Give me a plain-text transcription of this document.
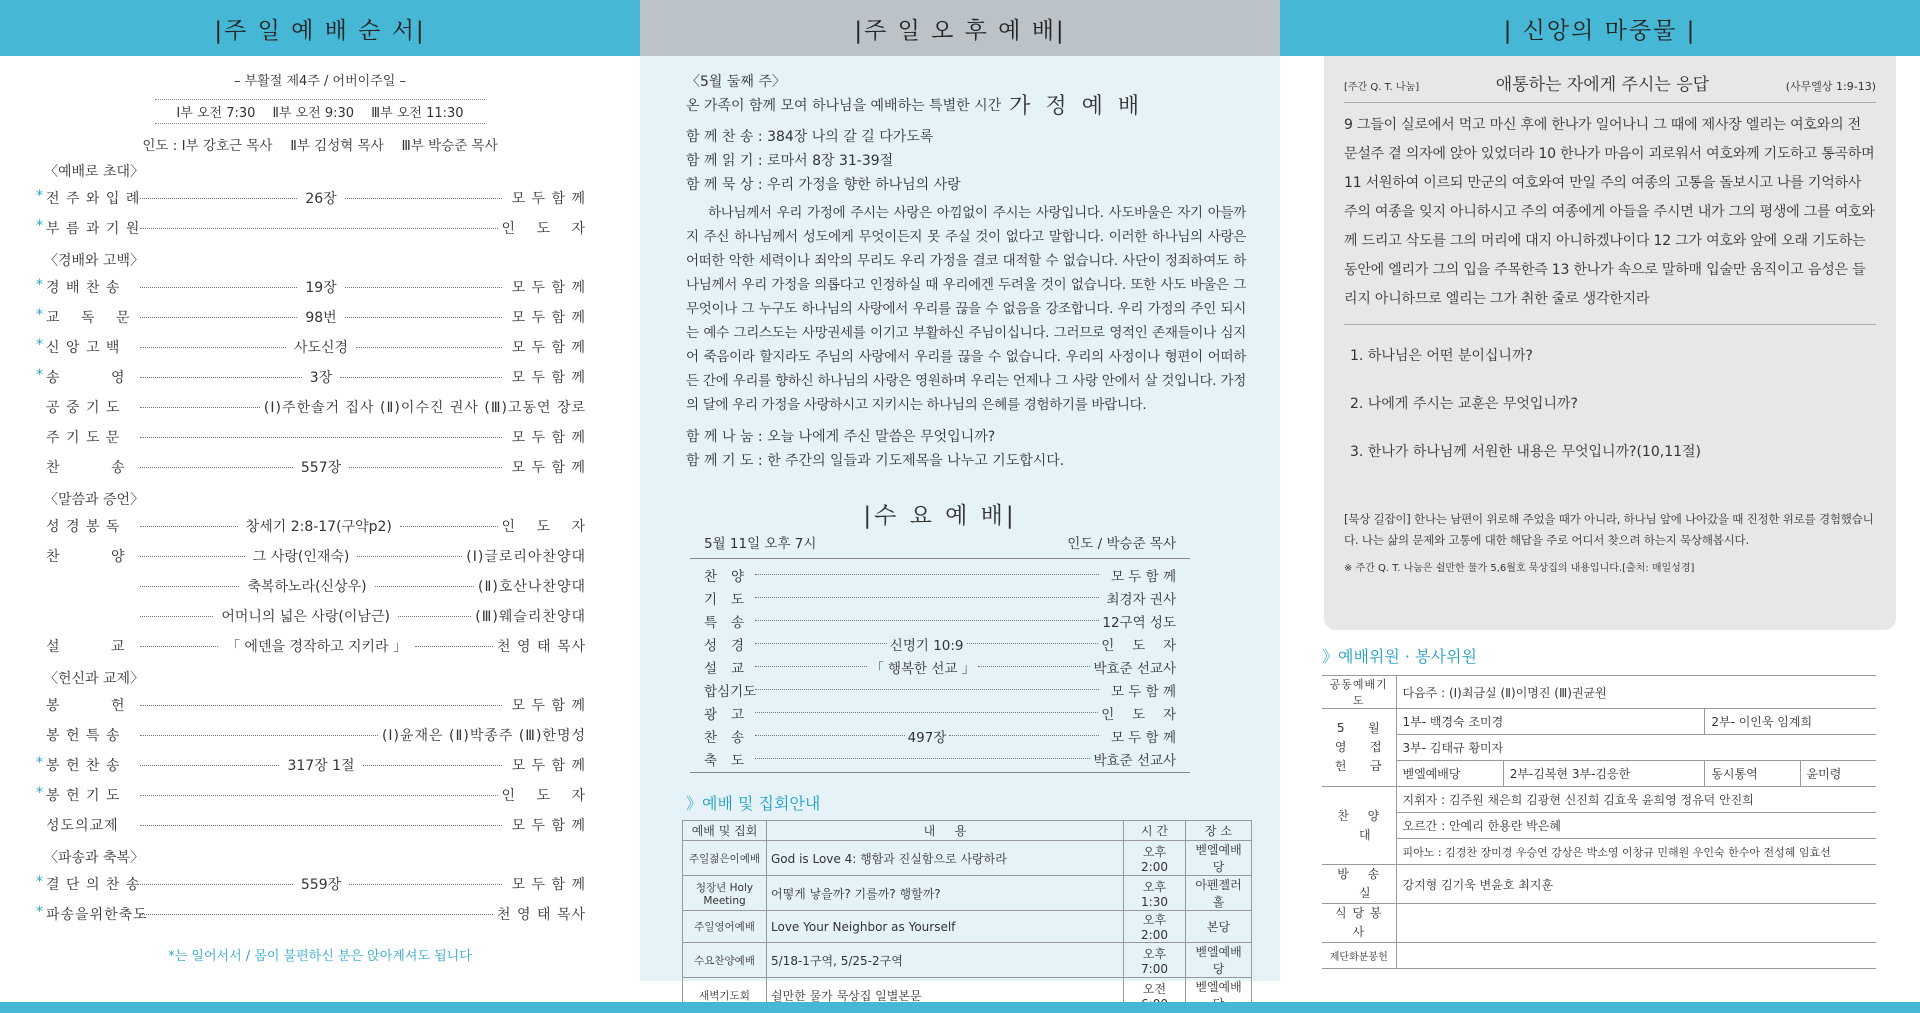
|주 일 예 배 순 서|
– 부활절 제4주 / 어버이주일 –
Ⅰ부 오전 7:30 　Ⅱ부 오전 9:30 　Ⅲ부 오전 11:30
인도 : Ⅰ부 강호근 목사 　Ⅱ부 김성혁 목사 　Ⅲ부 박승준 목사
〈예배로 초대〉
* 전 주 와 입 례	26장	모 두 함 께
* 부 름 과 기 원	인 　도 　자
〈경배와 고백〉
* 경 배 찬 송	19장	모 두 함 께
* 교 　독 　문	98번	모 두 함 께
* 신 앙 고 백	사도신경	모 두 함 께
* 송 　　　영	3장	모 두 함 께
공 중 기 도	(Ⅰ)주한솔거 집사 (Ⅱ)이수진 권사 (Ⅲ)고동연 장로
주 기 도 문	모 두 함 께
찬 　　　송	557장	모 두 함 께
〈말씀과 증언〉
성 경 봉 독	창세기 2:8-17(구약p2)	인 　도 　자
찬 　　　양	그 사랑(인재숙)	(Ⅰ)글로리아찬양대
축복하노라(신상우)	(Ⅱ)호산나찬양대
어머니의 넓은 사랑(이남근)	(Ⅲ)웨슬리찬양대
설 　　　교	「 에덴을 경작하고 지키라 」	천 영 태 목사
〈헌신과 교제〉
봉 　　　헌	모 두 함 께
봉 헌 특 송	(Ⅰ)윤재은 (Ⅱ)박종주 (Ⅲ)한명성
* 봉 헌 찬 송	317장 1절	모 두 함 께
* 봉 헌 기 도	인 　도 　자
성도의교제	모 두 함 께
〈파송과 축복〉
* 결 단 의 찬 송	559장	모 두 함 께
* 파송을위한축도	천 영 태 목사
*는 일어서서 / 몸이 불편하신 분은 앉아계셔도 됩니다
|주 일 오 후 예 배|
〈5월 둘째 주〉
온 가족이 함께 모여 하나님을 예배하는 특별한 시간 가 정 예 배
함 께 찬 송 : 384장 나의 갈 길 다가도록
함 께 읽 기 : 로마서 8장 31-39절
함 께 묵 상 : 우리 가정을 향한 하나님의 사랑
하나님께서 우리 가정에 주시는 사랑은 아낌없이 주시는 사랑입니다. 사도바울은 자기 아들까지 주신 하나님께서 성도에게 무엇이든지 못 주실 것이 없다고 말합니다. 이러한 하나님의 사랑은 어떠한 악한 세력이나 죄악의 무리도 우리 가정을 결코 대적할 수 없습니다. 사단이 정죄하여도 하나님께서 우리 가정을 의롭다고 인정하실 때 우리에겐 두려울 것이 없습니다. 또한 사도 바울은 그 무엇이나 그 누구도 하나님의 사랑에서 우리를 끊을 수 없음을 강조합니다. 우리 가정의 주인 되시는 예수 그리스도는 사망권세를 이기고 부활하신 주님이십니다. 그러므로 영적인 존재들이나 심지어 죽음이라 할지라도 주님의 사랑에서 우리를 끊을 수 없습니다. 우리의 사정이나 형편이 어떠하든 간에 우리를 향하신 하나님의 사랑은 영원하며 우리는 언제나 그 사랑 안에서 살 것입니다. 가정의 달에 우리 가정을 사랑하시고 지키시는 하나님의 은혜를 경험하기를 바랍니다.
함 께 나 눔 : 오늘 나에게 주신 말씀은 무엇입니까?
함 께 기 도 : 한 주간의 일들과 기도제목을 나누고 기도합시다.
|수 요 예 배|
5월 11일 오후 7시	인도 / 박승준 목사
찬 양	모 두 함 께
기 도	최경자 권사
특 송	12구역 성도
성 경	신명기 10:9	인 　도 　자
설 교	「 행복한 선교 」	박효준 선교사
합심기도	모 두 함 께
광 고	인 　도 　자
찬 송	497장	모 두 함 께
축 도	박효준 선교사
》예배 및 집회안내
예배 및 집회	내 　 용	시 간	장 소
주일젊은이예배	God is Love 4: 행함과 진실함으로 사랑하라	오후 2:00	벧엘예배당
청장년 Holy Meeting	어떻게 낳을까? 기를까? 행할까?	오후 1:30	아펜젤러홀
주일영어예배	Love Your Neighbor as Yourself	오후 2:00	본당
수요찬양예배	5/18-1구역, 5/25-2구역	오후 7:00	벧엘예배당
새벽기도회	쉴만한 물가 묵상집 일별본문	오전	벧엘예배
| 신앙의 마중물 |
[주간 Q. T. 나눔]	애통하는 자에게 주시는 응답	(사무엘상 1:9-13)
9 그들이 실로에서 먹고 마신 후에 한나가 일어나니 그 때에 제사장 엘리는 여호와의 전 문설주 곁 의자에 앉아 있었더라 10 한나가 마음이 괴로워서 여호와께 기도하고 통곡하며 11 서원하여 이르되 만군의 여호와여 만일 주의 여종의 고통을 돌보시고 나를 기억하사 주의 여종을 잊지 아니하시고 주의 여종에게 아들을 주시면 내가 그의 평생에 그를 여호와께 드리고 삭도를 그의 머리에 대지 아니하겠나이다 12 그가 여호와 앞에 오래 기도하는 동안에 엘리가 그의 입을 주목한즉 13 한나가 속으로 말하매 입술만 움직이고 음성은 들리지 아니하므로 엘리는 그가 취한 줄로 생각한지라
1. 하나님은 어떤 분이십니까?
2. 나에게 주시는 교훈은 무엇입니까?
3. 한나가 하나님께 서원한 내용은 무엇입니까?(10,11절)
[묵상 길잡이] 한나는 남편이 위로해 주었을 때가 아니라, 하나님 앞에 나아갔을 때 진정한 위로를 경험했습니다. 나는 삶의 문제와 고통에 대한 해답을 주로 어디서 찾으려 하는지 묵상해봅시다.
※ 주간 Q. T. 나눔은 쉴만한 물가 5,6월호 묵상집의 내용입니다.[출처: 매일성경]
》예배위원 · 봉사위원
공동예배기도	다음주 : (Ⅰ)최금실 (Ⅱ)이명진 (Ⅲ)권균원			
5 　 월
영 　 접
헌 　 금	1부- 백경숙 조미경		2부- 이인욱 임계희	
	3부- 김태규 황미자			
	벧엘예배당	2부-김복현 3부-김응한	동시통역	윤미령
찬 　양 　대	지휘자 : 김주원 채은희 김광현 신진희 김효욱 윤희영 정유덕 안진희			
	오르간 : 안예리 한용란 박은혜			
	피아노 : 김경찬 장미경 우승연 강상은 박소영 이창규 민해원 우인숙 한수아 전성혜 임효선			
방 　송 　실	강지형 김기욱 변윤호 최지훈			
식 당 봉 사				
제단화분봉헌				
